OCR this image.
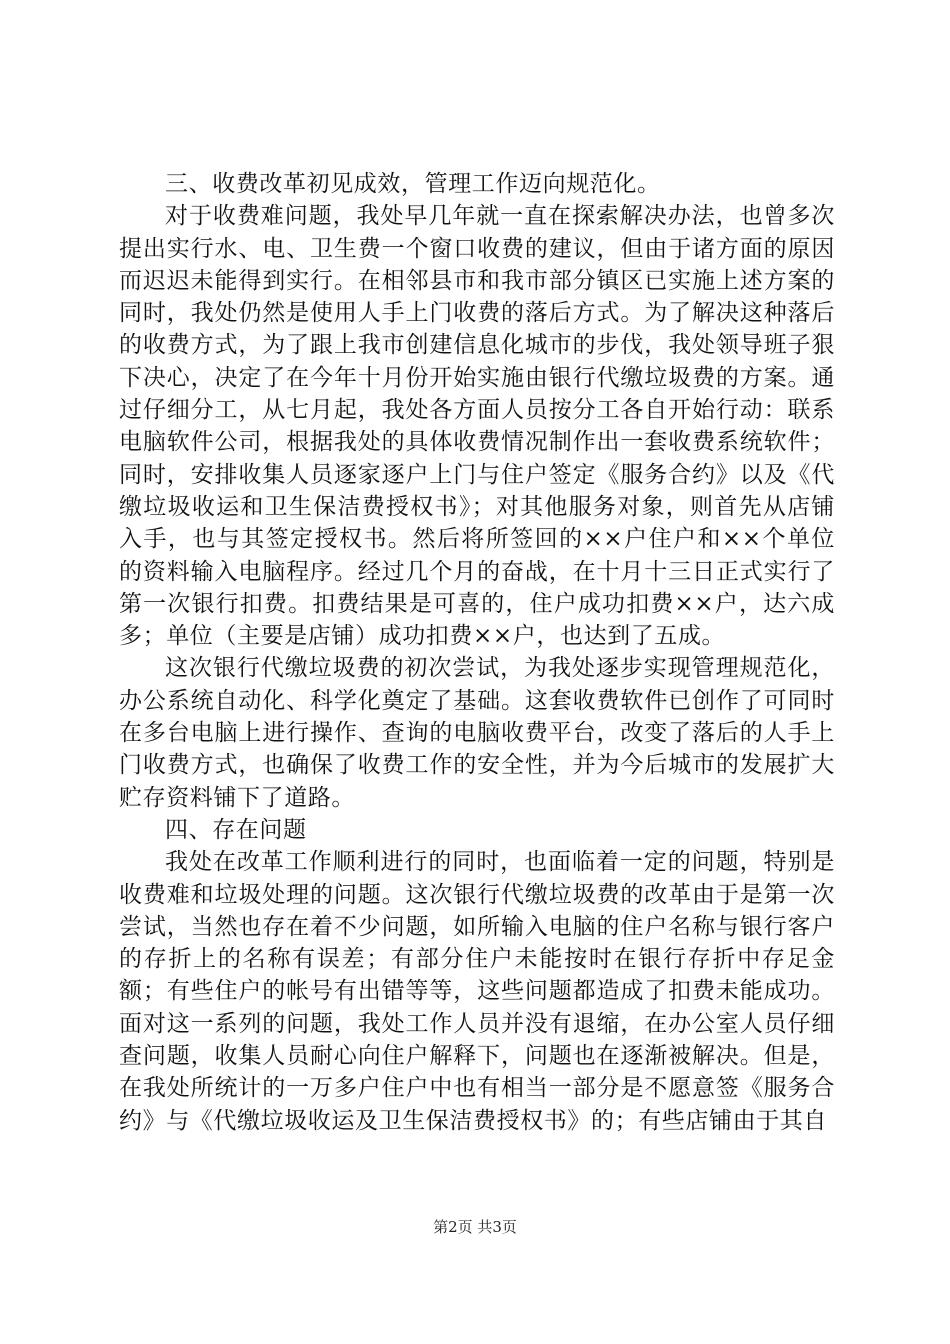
三、收费改革初见成效，管理工作迈向规范化。

对于收费难问题，我处早几年就一直在探索解决办法，也曾多次提出实行水、电、卫生费一个窗口收费的建议，但由于诸方面的原因而迟迟未能得到实行。在相邻县市和我市部分镇区已实施上述方案的同时，我处仍然是使用人手上门收费的落后方式。为了解决这种落后的收费方式，为了跟上我市创建信息化城市的步伐，我处领导班子狠下决心，决定了在今年十月份开始实施由银行代缴垃圾费的方案。通过仔细分工，从七月起，我处各方面人员按分工各自开始行动：联系电脑软件公司，根据我处的具体收费情况制作出一套收费系统软件；同时，安排收集人员逐家逐户上门与住户签定《服务合约》以及《代缴垃圾收运和卫生保洁费授权书》；对其他服务对象，则首先从店铺入手，也与其签定授权书。然后将所签回的××户住户和××个单位的资料输入电脑程序。经过几个月的奋战，在十月十三日正式实行了第一次银行扣费。扣费结果是可喜的，住户成功扣费××户，达六成多；单位（主要是店铺）成功扣费××户，也达到了五成。

这次银行代缴垃圾费的初次尝试，为我处逐步实现管理规范化，办公系统自动化、科学化奠定了基础。这套收费软件已创作了可同时在多台电脑上进行操作、查询的电脑收费平台，改变了落后的人手上门收费方式，也确保了收费工作的安全性，并为今后城市的发展扩大贮存资料铺下了道路。

四、存在问题

我处在改革工作顺利进行的同时，也面临着一定的问题，特别是收费难和垃圾处理的问题。这次银行代缴垃圾费的改革由于是第一次尝试，当然也存在着不少问题，如所输入电脑的住户名称与银行客户的存折上的名称有误差；有部分住户未能按时在银行存折中存足金额；有些住户的帐号有出错等等，这些问题都造成了扣费未能成功。面对这一系列的问题，我处工作人员并没有退缩，在办公室人员仔细查问题，收集人员耐心向住户解释下，问题也在逐渐被解决。但是，在我处所统计的一万多户住户中也有相当一部分是不愿意签《服务合约》与《代缴垃圾收运及卫生保洁费授权书》的；有些店铺由于其自

第2页 共3页
